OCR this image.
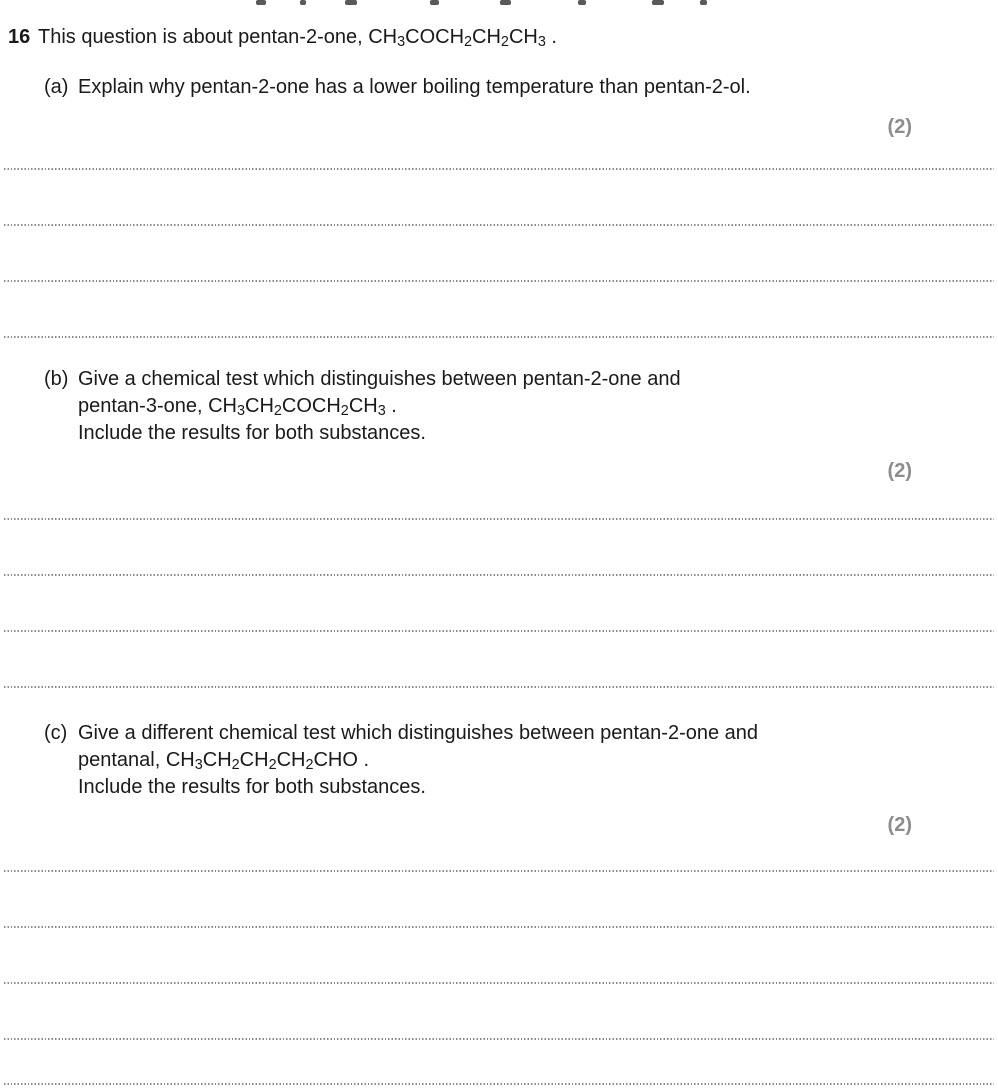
16 This question is about pentan-2-one, $CH_3COCH_2CH_2CH_3$ .
(a) Explain why pentan-2-one has a lower boiling temperature than pentan-2-ol.
(2)
(b) Give a chemical test which distinguishes between pentan-2-one and
pentan-3-one, $CH_3CH_2COCH_2CH_3$ .
Include the results for both substances.
(2)
(c) Give a different chemical test which distinguishes between pentan-2-one and
pentanal, $CH_3CH_2CH_2CH_2CHO$ .
Include the results for both substances.
(2)
